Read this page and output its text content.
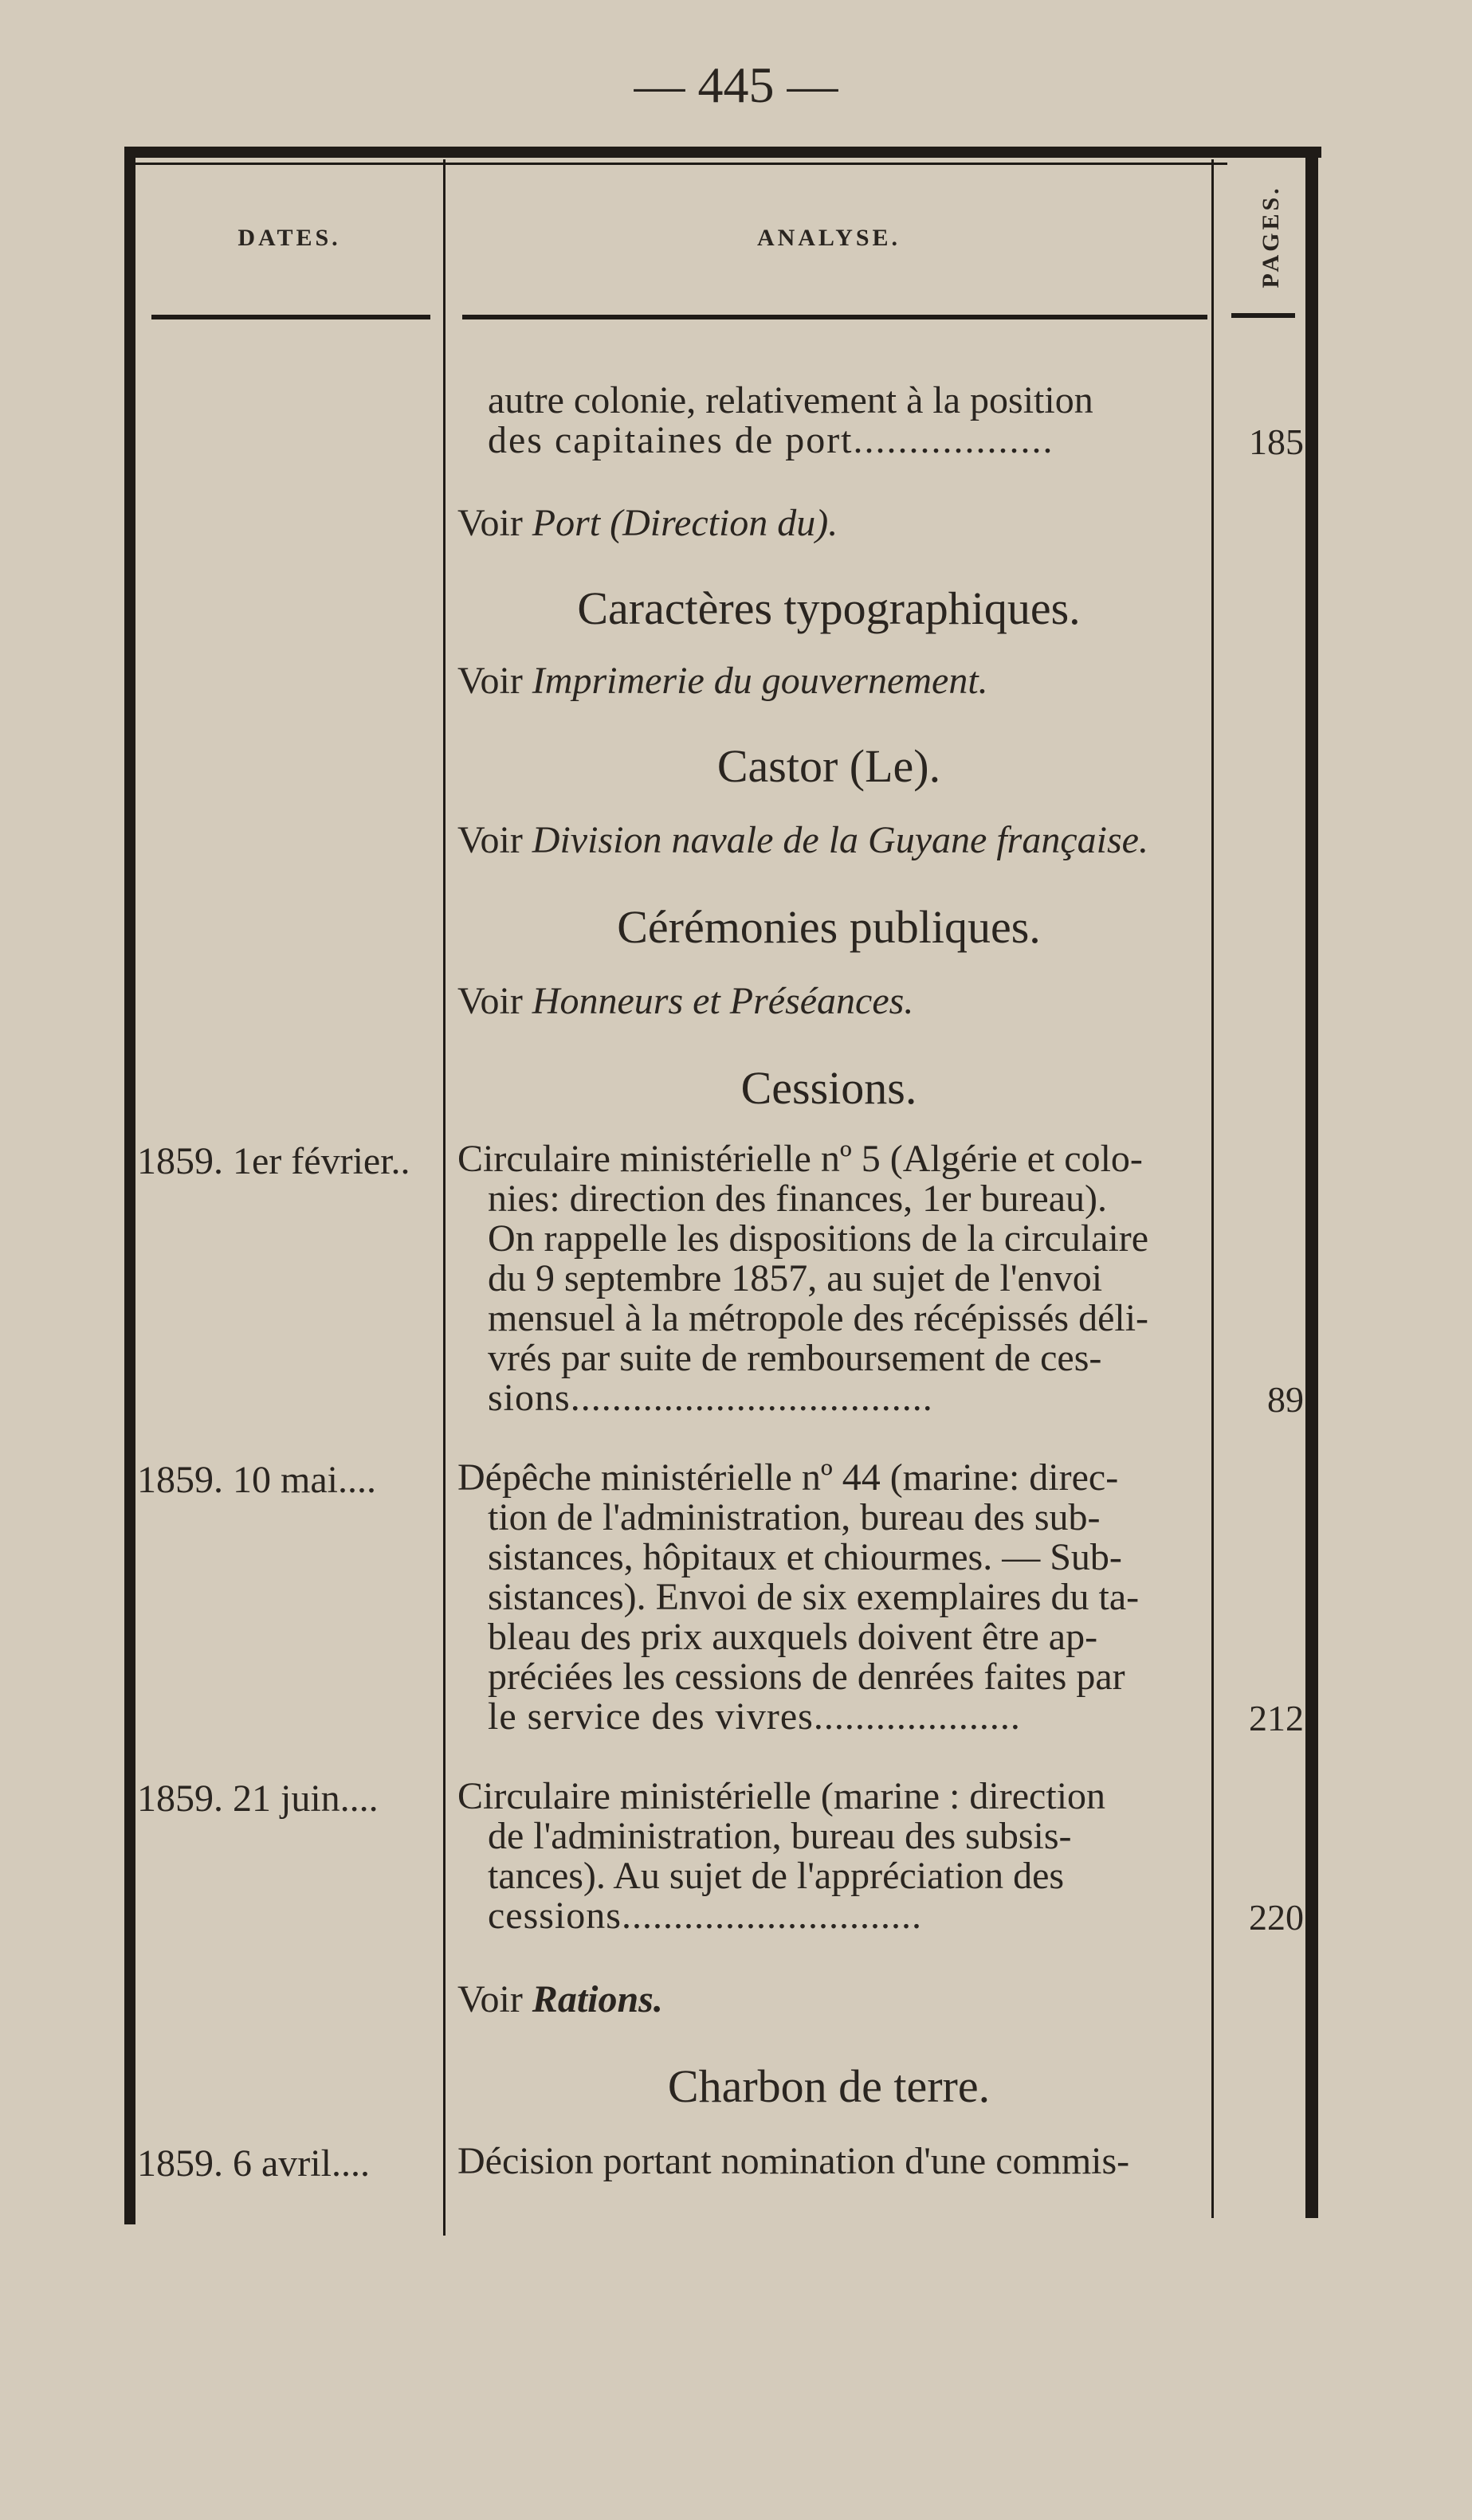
— 445 —
DATES.	ANALYSE.	PAGES.
autre colonie, relativement à la position
des capitaines de port..................	185
Voir Port (Direction du).
Caractères typographiques.
Voir Imprimerie du gouvernement.
Castor (Le).
Voir Division navale de la Guyane française.
Cérémonies publiques.
Voir Honneurs et Préséances.
Cessions.
1859. 1er février.. Circulaire ministérielle nº 5 (Algérie et colo-
nies: direction des finances, 1er bureau).
On rappelle les dispositions de la circulaire
du 9 septembre 1857, au sujet de l'envoi
mensuel à la métropole des récépissés déli-
vrés par suite de remboursement de ces-
sions...................................	89
1859. 10 mai.... Dépêche ministérielle nº 44 (marine: direc-
tion de l'administration, bureau des sub-
sistances, hôpitaux et chiourmes. — Sub-
sistances). Envoi de six exemplaires du ta-
bleau des prix auxquels doivent être ap-
préciées les cessions de denrées faites par
le service des vivres....................	212
1859. 21 juin.... Circulaire ministérielle (marine : direction
de l'administration, bureau des subsis-
tances). Au sujet de l'appréciation des
cessions.............................	220
Voir Rations.
Charbon de terre.
1859. 6 avril.... Décision portant nomination d'une commis-
